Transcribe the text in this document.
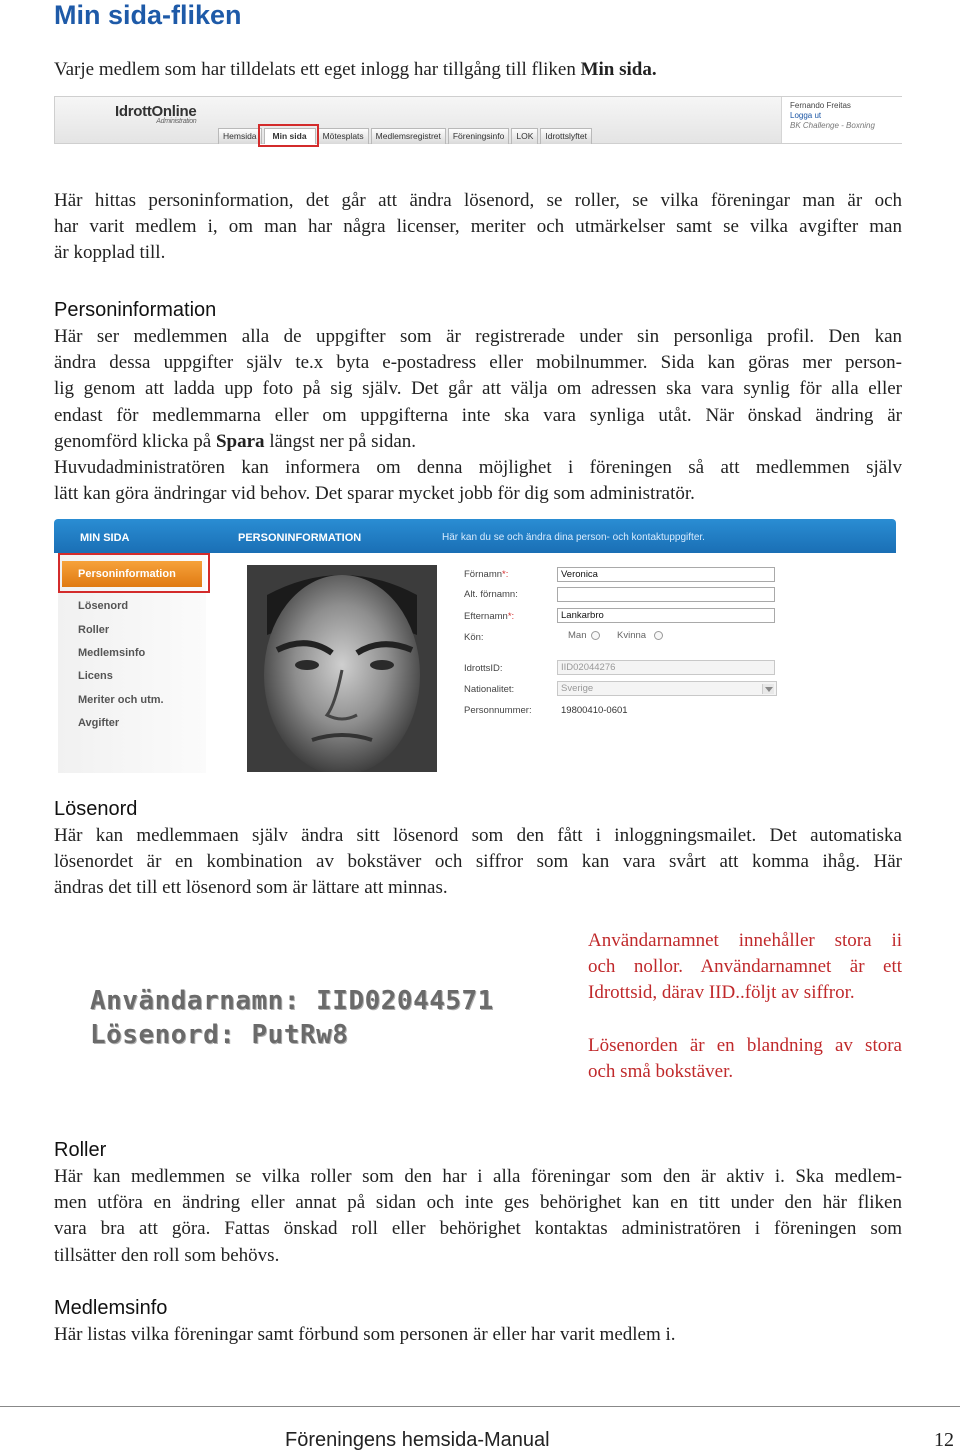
Min sida-fliken
Varje medlem som har tilldelats ett eget inlogg har tillgång till fliken Min sida.
IdrottOnline
Administration
Hemsida	Min sida	Mötesplats	Medlemsregistret	Föreningsinfo	LOK	Idrottslyftet
Fernando Freitas
Logga ut
BK Challenge - Boxning
Här hittas personinformation, det går att ändra lösenord, se roller, se vilka föreningar man är och
har varit medlem i, om man har några licenser, meriter och utmärkelser samt se vilka avgifter man
är kopplad till.
Personinformation
Här ser medlemmen alla de uppgifter som är registrerade under sin personliga profil. Den kan
ändra dessa uppgifter själv te.x byta e-postadress eller mobilnummer. Sida kan göras mer person-
lig genom att ladda upp foto på sig själv. Det går att välja om adressen ska vara synlig för alla eller
endast för medlemmarna eller om uppgifterna inte ska vara synliga utåt. När önskad ändring är
genomförd klicka på Spara längst ner på sidan.
Huvudadministratören kan informera om denna möjlighet i föreningen så att medlemmen själv
lätt kan göra ändringar vid behov. Det sparar mycket jobb för dig som administratör.
MIN SIDA	PERSONINFORMATION	Här kan du se och ändra dina person- och kontaktuppgifter.
Personinformation
Lösenord
Roller
Medlemsinfo
Licens
Meriter och utm.
Avgifter
Förnamn*:	Veronica
Alt. förnamn:
Efternamn*:	Lankarbro
Kön:	Man	Kvinna
IdrottsID:	IID02044276
Nationalitet:	Sverige
Personnummer:	19800410-0601
Lösenord
Här kan medlemmaen själv ändra sitt lösenord som den fått i inloggningsmailet. Det automatiska
lösenordet är en kombination av bokstäver och siffror som kan vara svårt att komma ihåg. Här
ändras det till ett lösenord som är lättare att minnas.
Användarnamn: IID02044571
Lösenord: PutRw8
Användarnamnet innehåller stora ii
och nollor. Användarnamnet är ett
Idrottsid, därav IID..följt av siffror.
Lösenorden är en blandning av stora
och små bokstäver.
Roller
Här kan medlemmen se vilka roller som den har i alla föreningar som den är aktiv i. Ska medlem-
men utföra en ändring eller annat på sidan och inte ges behörighet kan en titt under den här fliken
vara bra att göra. Fattas önskad roll eller behörighet kontaktas administratören i föreningen som
tillsätter den roll som behövs.
Medlemsinfo
Här listas vilka föreningar samt förbund som personen är eller har varit medlem i.
Föreningens hemsida-Manual	12
